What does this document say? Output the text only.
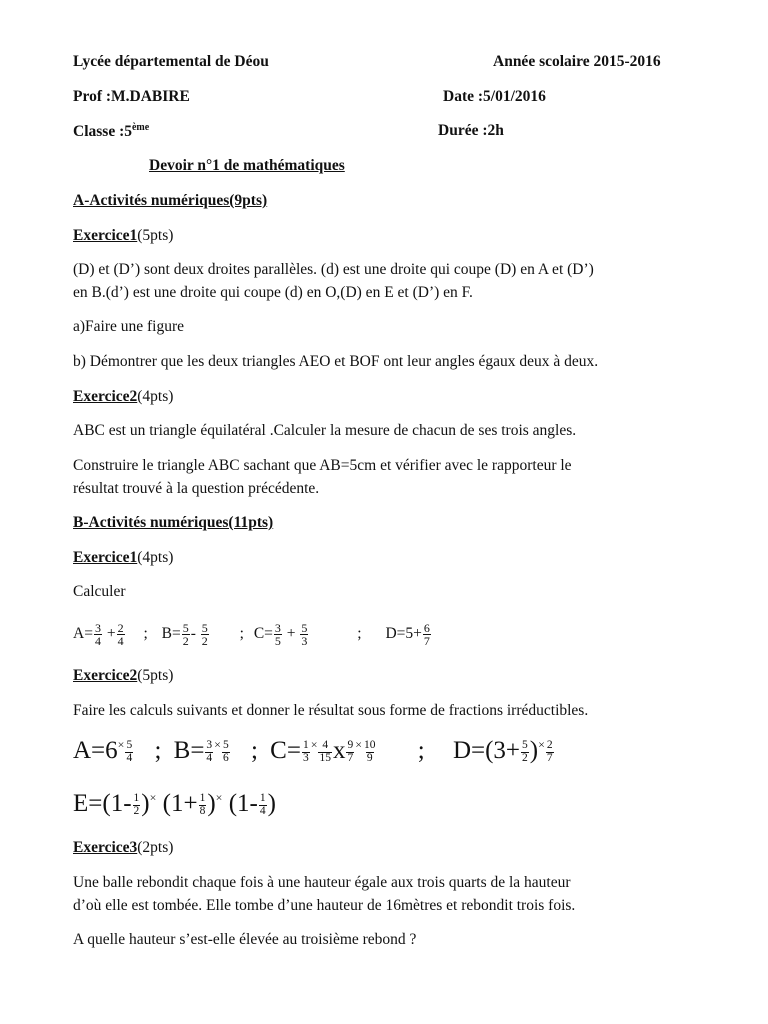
Lycée départemental de Déou	Année scolaire 2015-2016
Prof :M.DABIRE	Date :5/01/2016
Classe :5ème	Durée :2h
Devoir n°1 de mathématiques
A-Activités numériques(9pts)
Exercice1(5pts)
(D) et (D’) sont deux droites parallèles. (d) est une droite qui coupe (D) en A et (D’)
en B.(d’) est une droite qui coupe (d) en O,(D) en E et (D’) en F.
a)Faire une figure
b) Démontrer que les deux triangles AEO et BOF ont leur angles égaux deux à deux.
Exercice2(4pts)
ABC est un triangle équilatéral .Calculer la mesure de chacun de ses trois angles.
Construire le triangle ABC sachant que AB=5cm et vérifier avec le rapporteur le
résultat trouvé à la question précédente.
B-Activités numériques(11pts)
Exercice1(4pts)
Calculer
$A= \frac{3}{4} + \frac{2}{4}$ ; $B= \frac{5}{2} - \frac{5}{2}$ ; $C= \frac{3}{5} + \frac{5}{3}$	; $D=5+ \frac{6}{7}$
Exercice2(5pts)
Faire les calculs suivants et donner le résultat sous forme de fractions irréductibles.
$A=6^\times \frac{5}{4}$ ; $B= \frac{3}{4} ^\times \frac{5}{6}$ ; $C= \frac{1}{3} ^\times \frac{4}{15}$ x $\frac{9}{7} ^\times \frac{10}{9}$ ; $D=(3+ \frac{5}{2} )^\times \frac{2}{7}$
$E=(1- \frac{1}{2} )^\times$ $(1+ \frac{1}{8} )^\times$ ($1- \frac{1}{4}$ )
Exercice3(2pts)
Une balle rebondit chaque fois à une hauteur égale aux trois quarts de la hauteur
d’où elle est tombée. Elle tombe d’une hauteur de 16mètres et rebondit trois fois.
A quelle hauteur s’est-elle élevée au troisième rebond ?
